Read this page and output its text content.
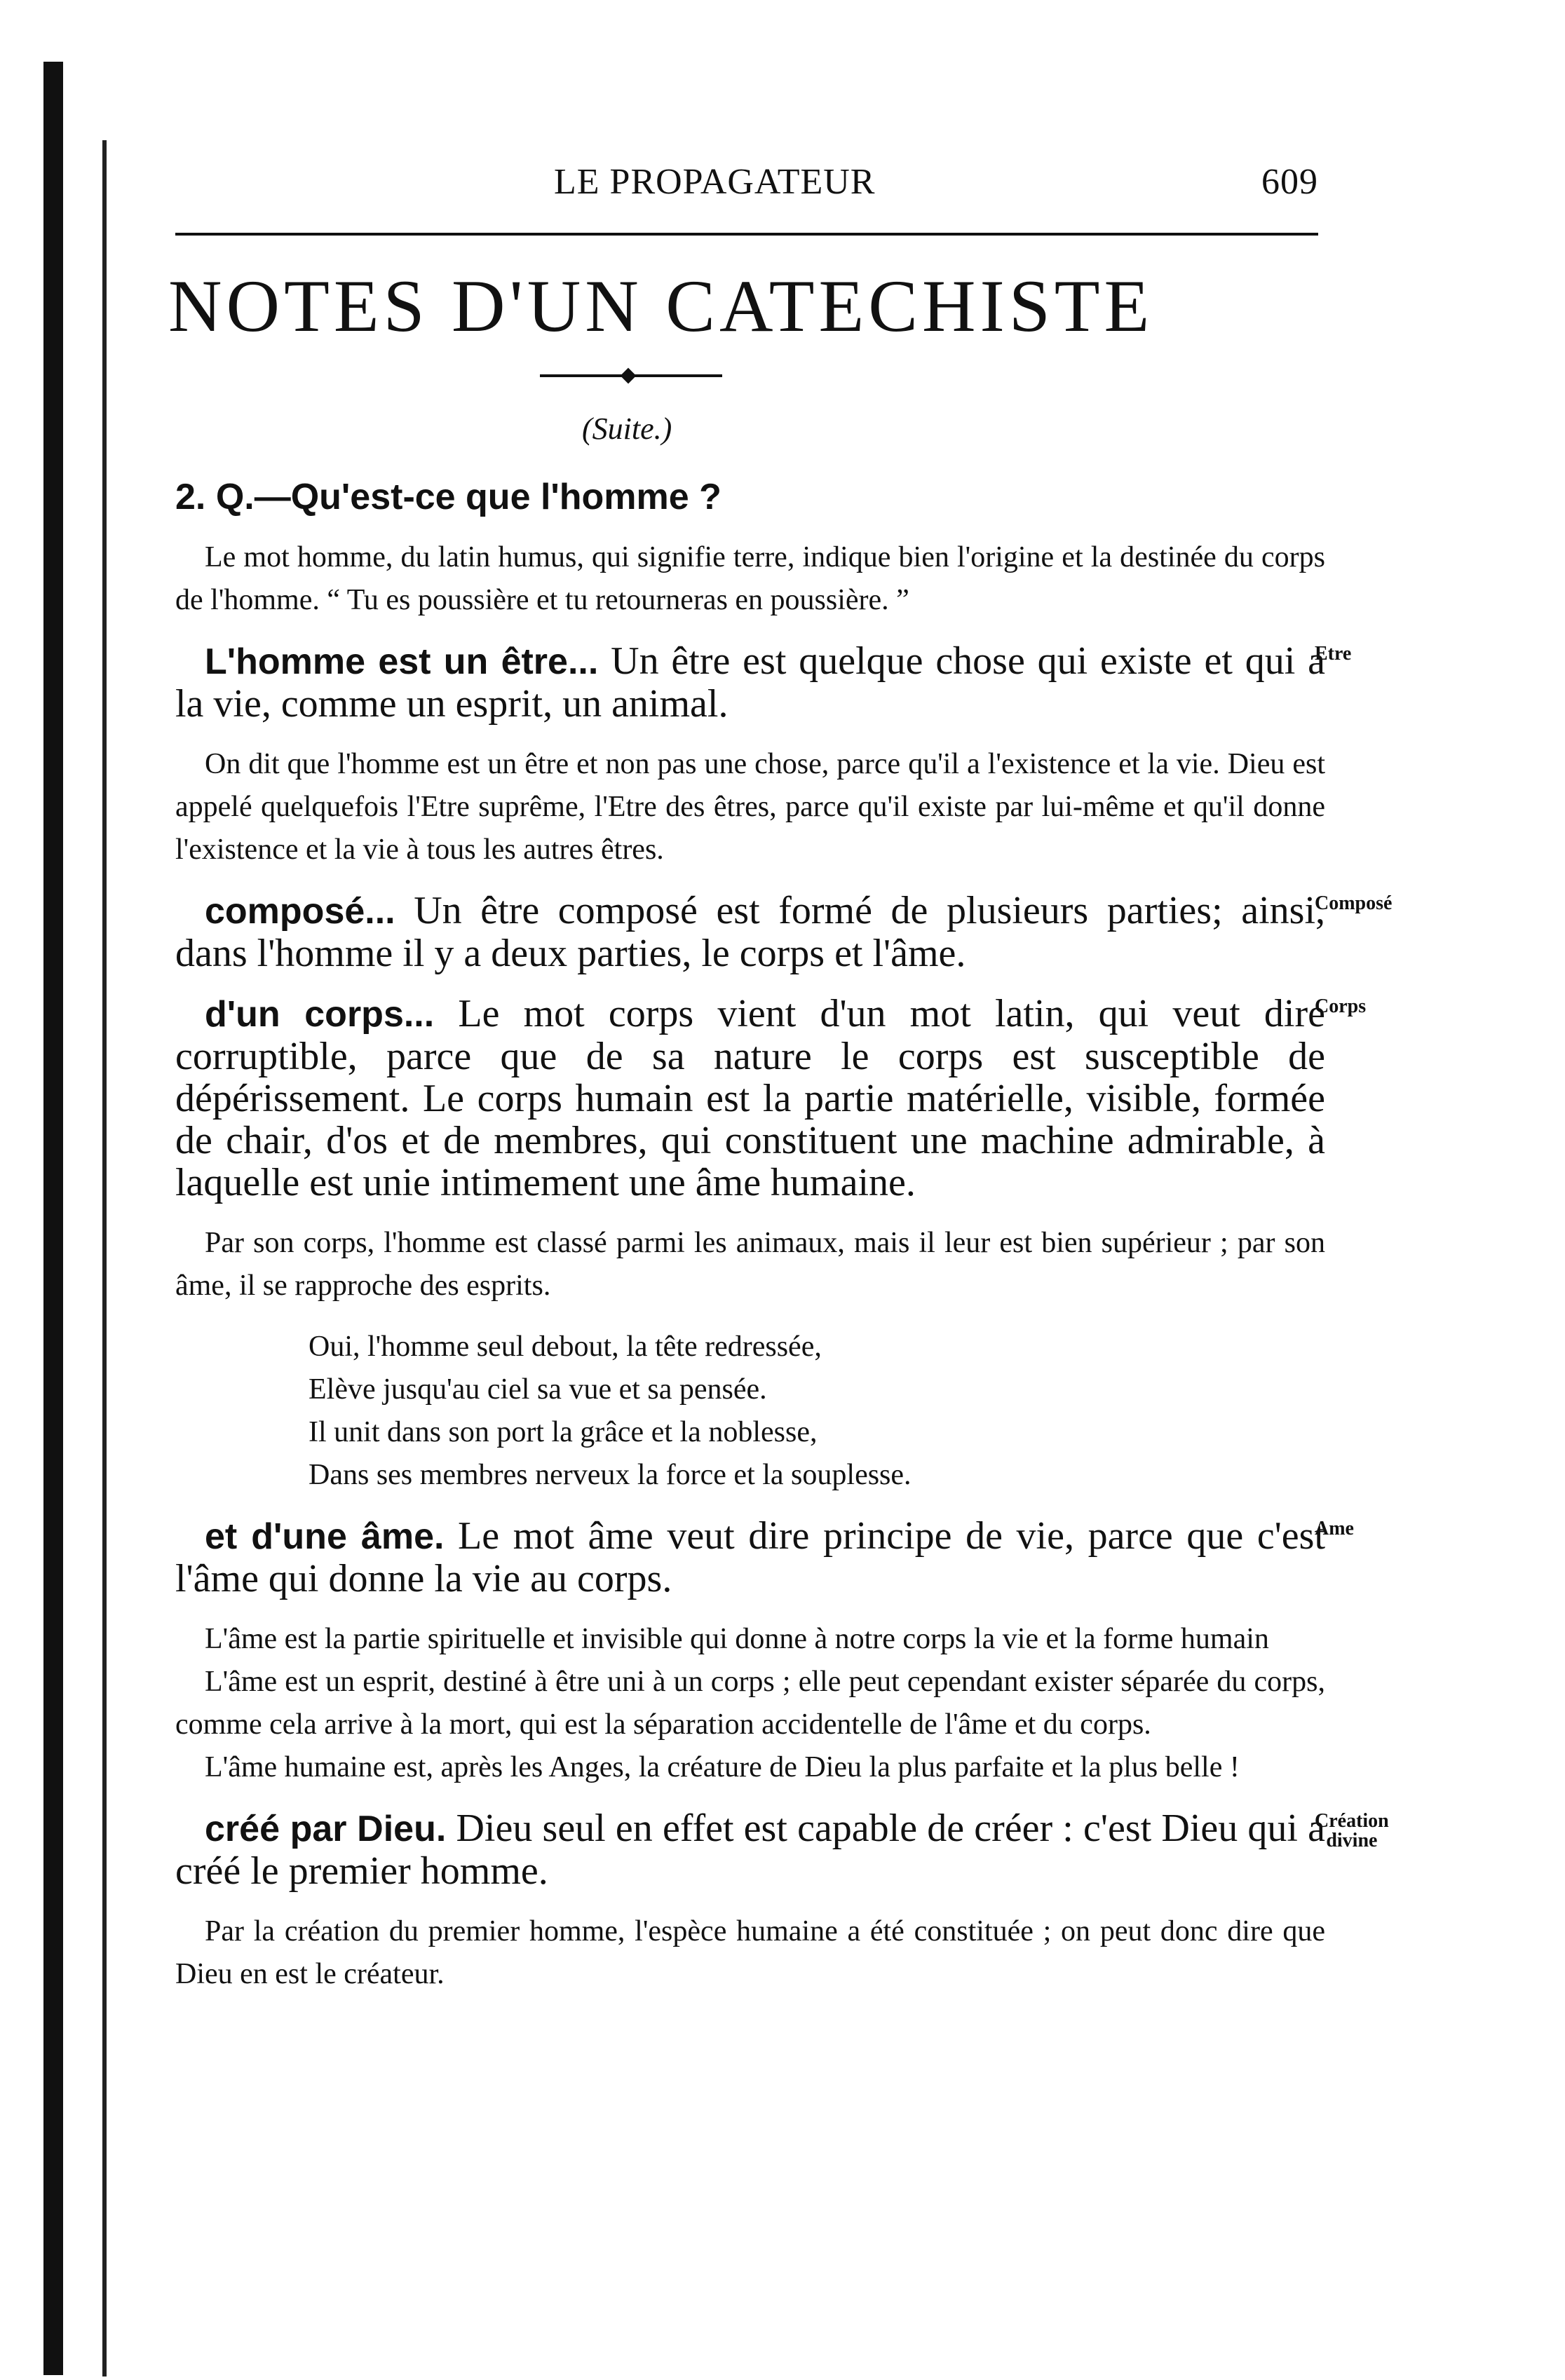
LE PROPAGATEUR	609
NOTES D'UN CATECHISTE
(Suite.)
2. Q.—Qu'est-ce que l'homme ?

Le mot homme, du latin humus, qui signifie terre, indique bien l'origine et la destinée du corps de l'homme. “ Tu es poussière et tu retourneras en poussière. ”

Etre

L'homme est un être... Un être est quelque chose qui existe et qui a la vie, comme un esprit, un animal.

On dit que l'homme est un être et non pas une chose, parce qu'il a l'existence et la vie. Dieu est appelé quelquefois l'Etre suprême, l'Etre des êtres, parce qu'il existe par lui-même et qu'il donne l'existence et la vie à tous les autres êtres.

Composé

composé... Un être composé est formé de plusieurs parties; ainsi, dans l'homme il y a deux parties, le corps et l'âme.

Corps

d'un corps... Le mot corps vient d'un mot latin, qui veut dire corruptible, parce que de sa nature le corps est susceptible de dépérissement. Le corps humain est la partie matérielle, visible, formée de chair, d'os et de membres, qui constituent une machine admirable, à laquelle est unie intimement une âme humaine.

Par son corps, l'homme est classé parmi les animaux, mais il leur est bien supérieur ; par son âme, il se rapproche des esprits.

Oui, l'homme seul debout, la tête redressée,
Elève jusqu'au ciel sa vue et sa pensée.
Il unit dans son port la grâce et la noblesse,
Dans ses membres nerveux la force et la souplesse.
Ame

et d'une âme. Le mot âme veut dire principe de vie, parce que c'est l'âme qui donne la vie au corps.

L'âme est la partie spirituelle et invisible qui donne à notre corps la vie et la forme humain

L'âme est un esprit, destiné à être uni à un corps ; elle peut cependant exister séparée du corps, comme cela arrive à la mort, qui est la séparation accidentelle de l'âme et du corps.

L'âme humaine est, après les Anges, la créature de Dieu la plus parfaite et la plus belle !

Création
divine

créé par Dieu. Dieu seul en effet est capable de créer : c'est Dieu qui a créé le premier homme.

Par la création du premier homme, l'espèce humaine a été constituée ; on peut donc dire que Dieu en est le créateur.
